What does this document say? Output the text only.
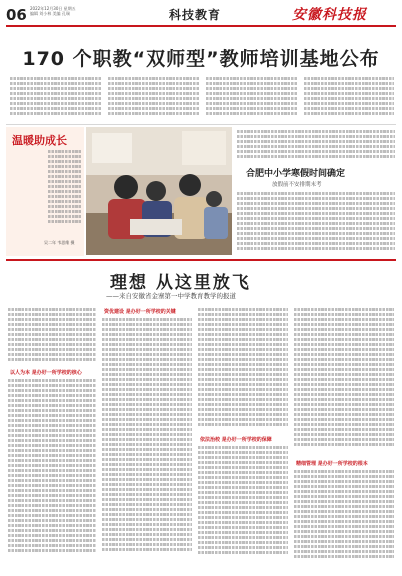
06 2022年12月30日 星期五
编辑 刘小林 美编 孔瑞	科技教育	安徽科技报
170 个职教“双师型”教师培训基地公布
温暖助成长
吴二年 韦思维 摄
合肥中小学寒假时间确定
放假前不安排期末考
理想 从这里放飞
——来自安徽省金寨第一中学教育教学的报道
以人为本 是办好一所学校的核心
资优建设 是办好一所学校的关键
依法治校 是办好一所学校的保障
精细管理 是办好一所学校的根本
